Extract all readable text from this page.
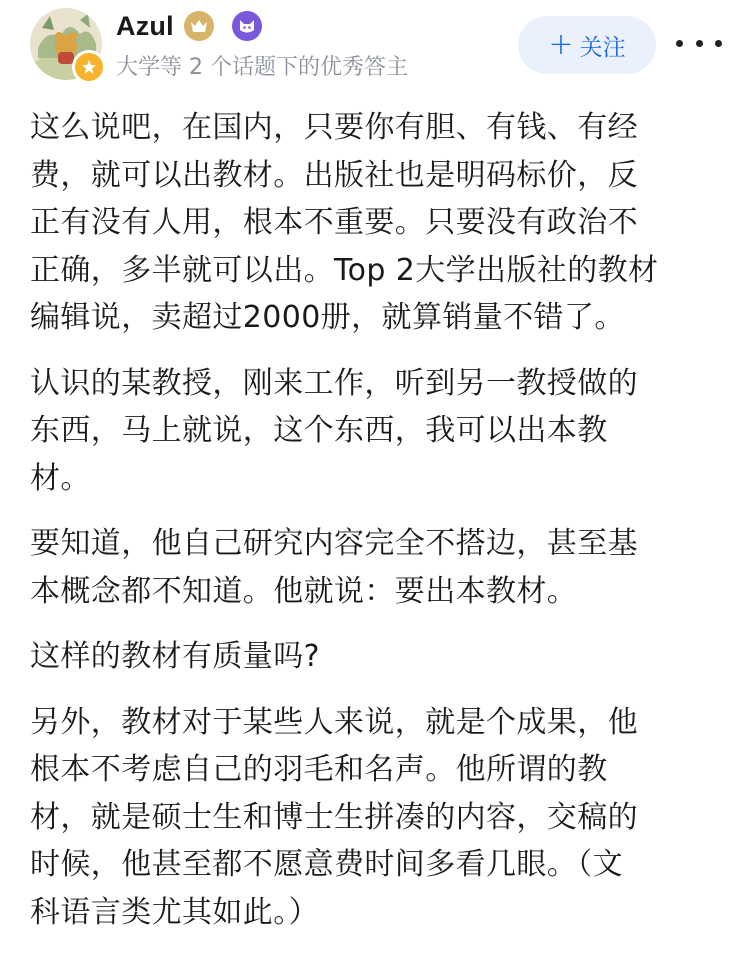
Azul
大学等 2 个话题下的优秀答主
+ 关注

这么说吧，在国内，只要你有胆、有钱、有经
费，就可以出教材。出版社也是明码标价，反
正有没有人用，根本不重要。只要没有政治不
正确，多半就可以出。Top 2大学出版社的教材
编辑说，卖超过2000册，就算销量不错了。

认识的某教授，刚来工作，听到另一教授做的
东西，马上就说，这个东西，我可以出本教
材。

要知道，他自己研究内容完全不搭边，甚至基
本概念都不知道。他就说：要出本教材。

这样的教材有质量吗?

另外，教材对于某些人来说，就是个成果，他
根本不考虑自己的羽毛和名声。他所谓的教
材，就是硕士生和博士生拼凑的内容，交稿的
时候，他甚至都不愿意费时间多看几眼。（文
科语言类尤其如此。）
